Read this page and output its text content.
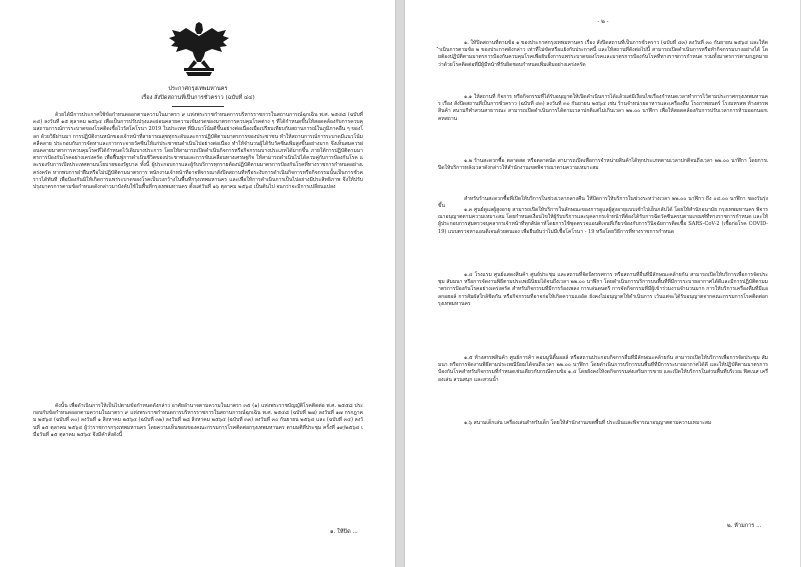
ประกาศกรุงเทพมหานคร
เรื่อง สั่งปิดสถานที่เป็นการชั่วคราว (ฉบับที่ ๔๔)
ด้วยได้มีการประกาศใช้ข้อกำหนดออกตามความในมาตรา ๙ แห่งพระราชกำหนดการบริหารราชการในสถานการณ์ฉุกเฉิน พ.ศ. ๒๕๔๘ (ฉบับที่ ๓๔) ลงวันที่ ๑๕ ตุลาคม ๒๕๖๔ เพื่อเป็นการปรับปรุงและผ่อนคลายความเข้มงวดของมาตรการควบคุมโรคต่าง ๆ ที่ได้กำหนดขึ้นให้สอดคล้องกับการควบคุมสถานการณ์การระบาดของโรคติดเชื้อไวรัสโคโรนา 2019 ในประเทศ ที่มีแนวโน้มดีขึ้นอย่างต่อเนื่องเมื่อเปรียบเทียบกับสถานการณ์ในภูมิภาคอื่น ๆ ของโลก ด้วยวิธีผ่านมา การปฏิบัติงานหนักของเจ้าหน้าที่สาธารณสุขทุกระดับและการปฏิบัติตามมาตรการของประชาชน ทำให้สถานการณ์การระบาดมีแนวโน้มคลี่คลาย ประกอบกับการจัดหาและการกระจายวัคซีนให้แก่ประชาชนดำเนินไปอย่างต่อเนื่อง ทำให้จำนวนผู้ได้รับวัคซีนเพิ่มสูงขึ้นอย่างมาก จึงเห็นสมควรผ่อนคลายมาตรการควบคุมโรคที่ได้กำหนดไว้เดิมบางประการ โดยให้สามารถเปิดดำเนินกิจการหรือกิจกรรมบางประเภทได้มากขึ้น ภายใต้การปฏิบัติตามมาตรการป้องกันโรคอย่างเคร่งครัด เพื่อฟื้นฟูการดำเนินชีวิตของประชาชนและการขับเคลื่อนทางเศรษฐกิจ ให้สามารถดำเนินไปได้ควบคู่กับการป้องกันโรค และรองรับการเปิดประเทศตามนโยบายของรัฐบาล ทั้งนี้ ผู้ประกอบการและผู้รับบริการทุกรายต้องปฏิบัติตามมาตรการป้องกันโรคที่ทางราชการกำหนดอย่างเคร่งครัด หากพบการฝ่าฝืนหรือไม่ปฏิบัติตามมาตรการ พนักงานเจ้าหน้าที่อาจพิจารณาสั่งปิดสถานที่หรือระงับการดำเนินกิจการหรือกิจกรรมนั้นเป็นการชั่วคราวได้ทันที เพื่อป้องกันมิให้เกิดการแพร่ระบาดของโรคเป็นวงกว้างในพื้นที่กรุงเทพมหานคร และเพื่อให้การดำเนินการเป็นไปอย่างมีประสิทธิภาพ จึงให้ปรับปรุงมาตรการตามข้อกำหนดดังกล่าวมาบังคับใช้ในพื้นที่กรุงเทพมหานคร ตั้งแต่วันที่ ๑๖ ตุลาคม ๒๕๖๔ เป็นต้นไป จนกว่าจะมีการเปลี่ยนแปลง
ดังนั้น เพื่อดำเนินการให้เป็นไปตามข้อกำหนดดังกล่าว อาศัยอำนาจตามความในมาตรา ๓๕ (๑) แห่งพระราชบัญญัติโรคติดต่อ พ.ศ. ๒๕๕๘ ประกอบกับข้อกำหนดออกตามความในมาตรา ๙ แห่งพระราชกำหนดการบริหารราชการในสถานการณ์ฉุกเฉิน พ.ศ. ๒๕๔๘ (ฉบับที่ ๒๗) ลงวันที่ ๑๗ กรกฎาคม ๒๕๖๔ (ฉบับที่ ๓๐) ลงวันที่ ๑ สิงหาคม ๒๕๖๔ (ฉบับที่ ๓๒) ลงวันที่ ๒๘ สิงหาคม ๒๕๖๔ (ฉบับที่ ๓๓) ลงวันที่ ๓๐ กันยายน ๒๕๖๔ และ (ฉบับที่ ๓๔) ลงวันที่ ๑๕ ตุลาคม ๒๕๖๔ ผู้ว่าราชการกรุงเทพมหานคร โดยความเห็นชอบของคณะกรรมการโรคติดต่อกรุงเทพมหานคร ตามมติที่ประชุม ครั้งที่ ๑๙/๒๕๖๔ เมื่อวันที่ ๑๕ ตุลาคม ๒๕๖๔ จึงมีคำสั่งดังนี้
๑. ให้ปิด ...
- ๒ -
๑. ให้ปิดสถานที่ตามข้อ ๑ ของประกาศกรุงเทพมหานคร เรื่อง สั่งปิดสถานที่เป็นการชั่วคราว (ฉบับที่ ๔๓) ลงวันที่ ๓๐ กันยายน ๒๕๖๔ และให้ดำเนินการตามข้อ ๒ ของประกาศดังกล่าว เท่าที่ไม่ขัดหรือแย้งกับประกาศนี้ และให้สถานที่ดังต่อไปนี้ สามารถเปิดดำเนินการหรือทำกิจกรรมบางอย่างได้ โดยต้องปฏิบัติตามมาตรการป้องกันควบคุมโรคเพื่อยับยั้งการแพร่ระบาดของโรคและมาตรการป้องกันโรคที่ทางราชการกำหนด รวมทั้งมาตรการตามกฎหมายว่าด้วยโรคติดต่อที่มีผู้มีหน้าที่รับผิดชอบกำหนดเพิ่มเติมอย่างเคร่งครัด
๑.๑ ให้สถานที่ กิจการ หรือกิจกรรมที่ได้รับอนุญาตให้เปิดดำเนินการได้แล้วแต่มีเงื่อนไขเรื่องกำหนดเวลาทำการไว้ตามประกาศกรุงเทพมหานคร เรื่อง สั่งปิดสถานที่เป็นการชั่วคราว (ฉบับที่ ๔๓) ลงวันที่ ๓๐ กันยายน ๒๕๖๔ เช่น ร้านจำหน่ายอาหารและเครื่องดื่ม โรงภาพยนตร์ โรงมหรสพ ห้างสรรพสินค้า สนามกีฬาสวนสาธารณะ สามารถเปิดดำเนินการได้ตามเวลาปกติแต่ไม่เกินเวลา ๒๒.๐๐ นาฬิกา เพื่อให้สอดคล้องกับการปรับเวลาการห้ามออกนอกเคหสถาน
๑.๒ ร้านสะดวกซื้อ ตลาดสด หรือตลาดนัด สามารถเปิดเพื่อการจำหน่ายสินค้าได้ทุกประเภทตามเวลาปกติจนถึงเวลา ๒๒.๐๐ นาฬิกา โดยการเปิดให้บริการหลังเวลาดังกล่าวให้สำนักงานเขตพิจารณาตามความเหมาะสม
สำหรับร้านสะดวกซื้อที่เปิดให้บริการในช่วงเวลากลางคืน ให้ปิดการให้บริการในช่วงระหว่างเวลา ๒๒.๐๐ นาฬิกา ถึง ๐๔.๐๐ นาฬิกา ของวันรุ่งขึ้น
๑.๓ ศูนย์ดูแลผู้สูงอายุ สามารถเปิดให้บริการในลักษณะของการดูแลผู้สูงอายุแบบเช้าไปเย็นกลับได้ โดยให้สำนักอนามัย กรุงเทพมหานคร พิจารณาอนุญาตตามความเหมาะสม โดยกำหนดเงื่อนไขให้ผู้รับบริการและบุคลากรเจ้าหน้าที่ต้องได้รับการฉีดวัคซีนครบตามเกณฑ์ที่ทางราชการกำหนด และให้ผู้ประกอบการสุ่มตรวจบุคลากรเจ้าหน้าที่ทุกสัปดาห์โดยการใช้ชุดตรวจแอนติเจนที่เกี่ยวข้องกับการวินิจฉัยการติดเชื้อ SARS-CoV-2 (เชื้อก่อโรค COVID-19) แบบตรวจหาแอนติเจนด้วยตนเอง เพื่อยืนยันว่าไม่มีเชื้อโคโรนา - 19 หรือโดยวิธีการที่ทางราชการกำหนด
๑.๔ โรงแรม ศูนย์แสดงสินค้า ศูนย์ประชุม และสถานที่จัดนิทรรศการ หรือสถานที่อื่นที่มีลักษณะคล้ายกัน สามารถเปิดให้บริการเพื่อการจัดประชุม สัมมนา หรือการจัดงานพิธีตามประเพณีนิยมได้จนถึงเวลา ๒๒.๐๐ นาฬิกา โดยดำเนินการบริการบนพื้นที่ที่มีการระบายอากาศได้ดีและมีการปฏิบัติตามมาตรการป้องกันโรคอย่างเคร่งครัด สำหรับกิจกรรมที่มีการร้องเพลง การเล่นดนตรี การจัดกิจกรรมที่มีผู้เข้าร่วมงานจำนวนมาก การให้บริการเครื่องดื่มที่มีแอลกอฮอล์ การสัมผัสใกล้ชิดกัน หรือกิจกรรมที่อาจก่อให้เกิดความแออัด ยังคงไม่อนุญาตให้ดำเนินการ เว้นแต่จะได้รับอนุญาตจากคณะกรรมการโรคติดต่อกรุงเทพมหานคร
๑.๕ ห้างสรรพสินค้า ศูนย์การค้า คอมมูนิตี้มอลล์ หรือสถานประกอบกิจการอื่นที่มีลักษณะคล้ายกัน สามารถเปิดให้บริการเพื่อการจัดประชุม สัมมนา หรือการจัดงานพิธีตามประเพณีนิยมได้จนถึงเวลา ๒๒.๐๐ นาฬิกา โดยดำเนินการบริการบนพื้นที่ที่มีการระบายอากาศได้ดี และให้ปฏิบัติตามมาตรการป้องกันโรคสำหรับกิจกรรมที่กำหนดเช่นเดียวกับกรณีตามข้อ ๑.๔ โดยยังคงให้งดกิจกรรมส่งเสริมการขาย และเปิดให้บริการในส่วนพื้นที่บริเวณ ฟิตเนส เครื่องเล่น สวนสนุก และสวนน้ำ
๑.๖ สนามเด็กเล่น เครื่องเล่นสำหรับเด็ก โดยให้สำนักงานเขตพื้นที่ ประเมินและพิจารณาอนุญาตตามความเหมาะสม
๒. ห้ามการ ...
